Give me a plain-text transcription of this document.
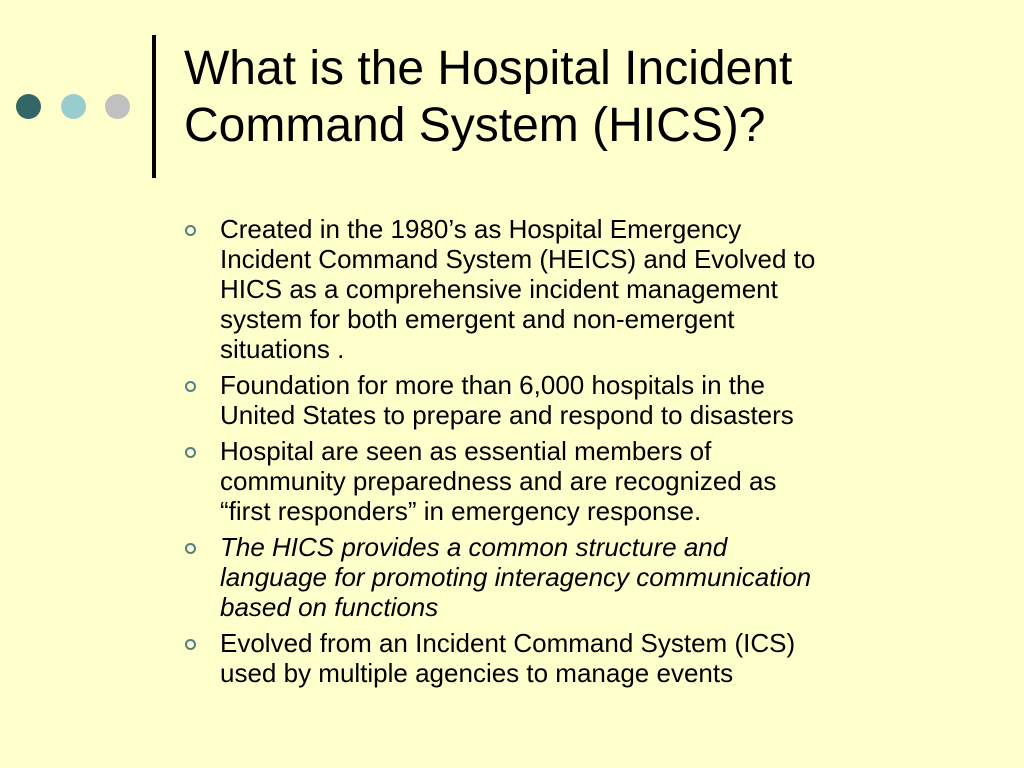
What is the Hospital Incident
Command System (HICS)?
Created in the 1980’s as Hospital Emergency
Incident Command System (HEICS) and Evolved to
HICS as a comprehensive incident management
system for both emergent and non-emergent
situations .
Foundation for more than 6,000 hospitals in the
United States to prepare and respond to disasters
Hospital are seen as essential members of
community preparedness and are recognized as
“first responders” in emergency response.
The HICS provides a common structure and
language for promoting interagency communication
based on functions
Evolved from an Incident Command System (ICS)
used by multiple agencies to manage events
